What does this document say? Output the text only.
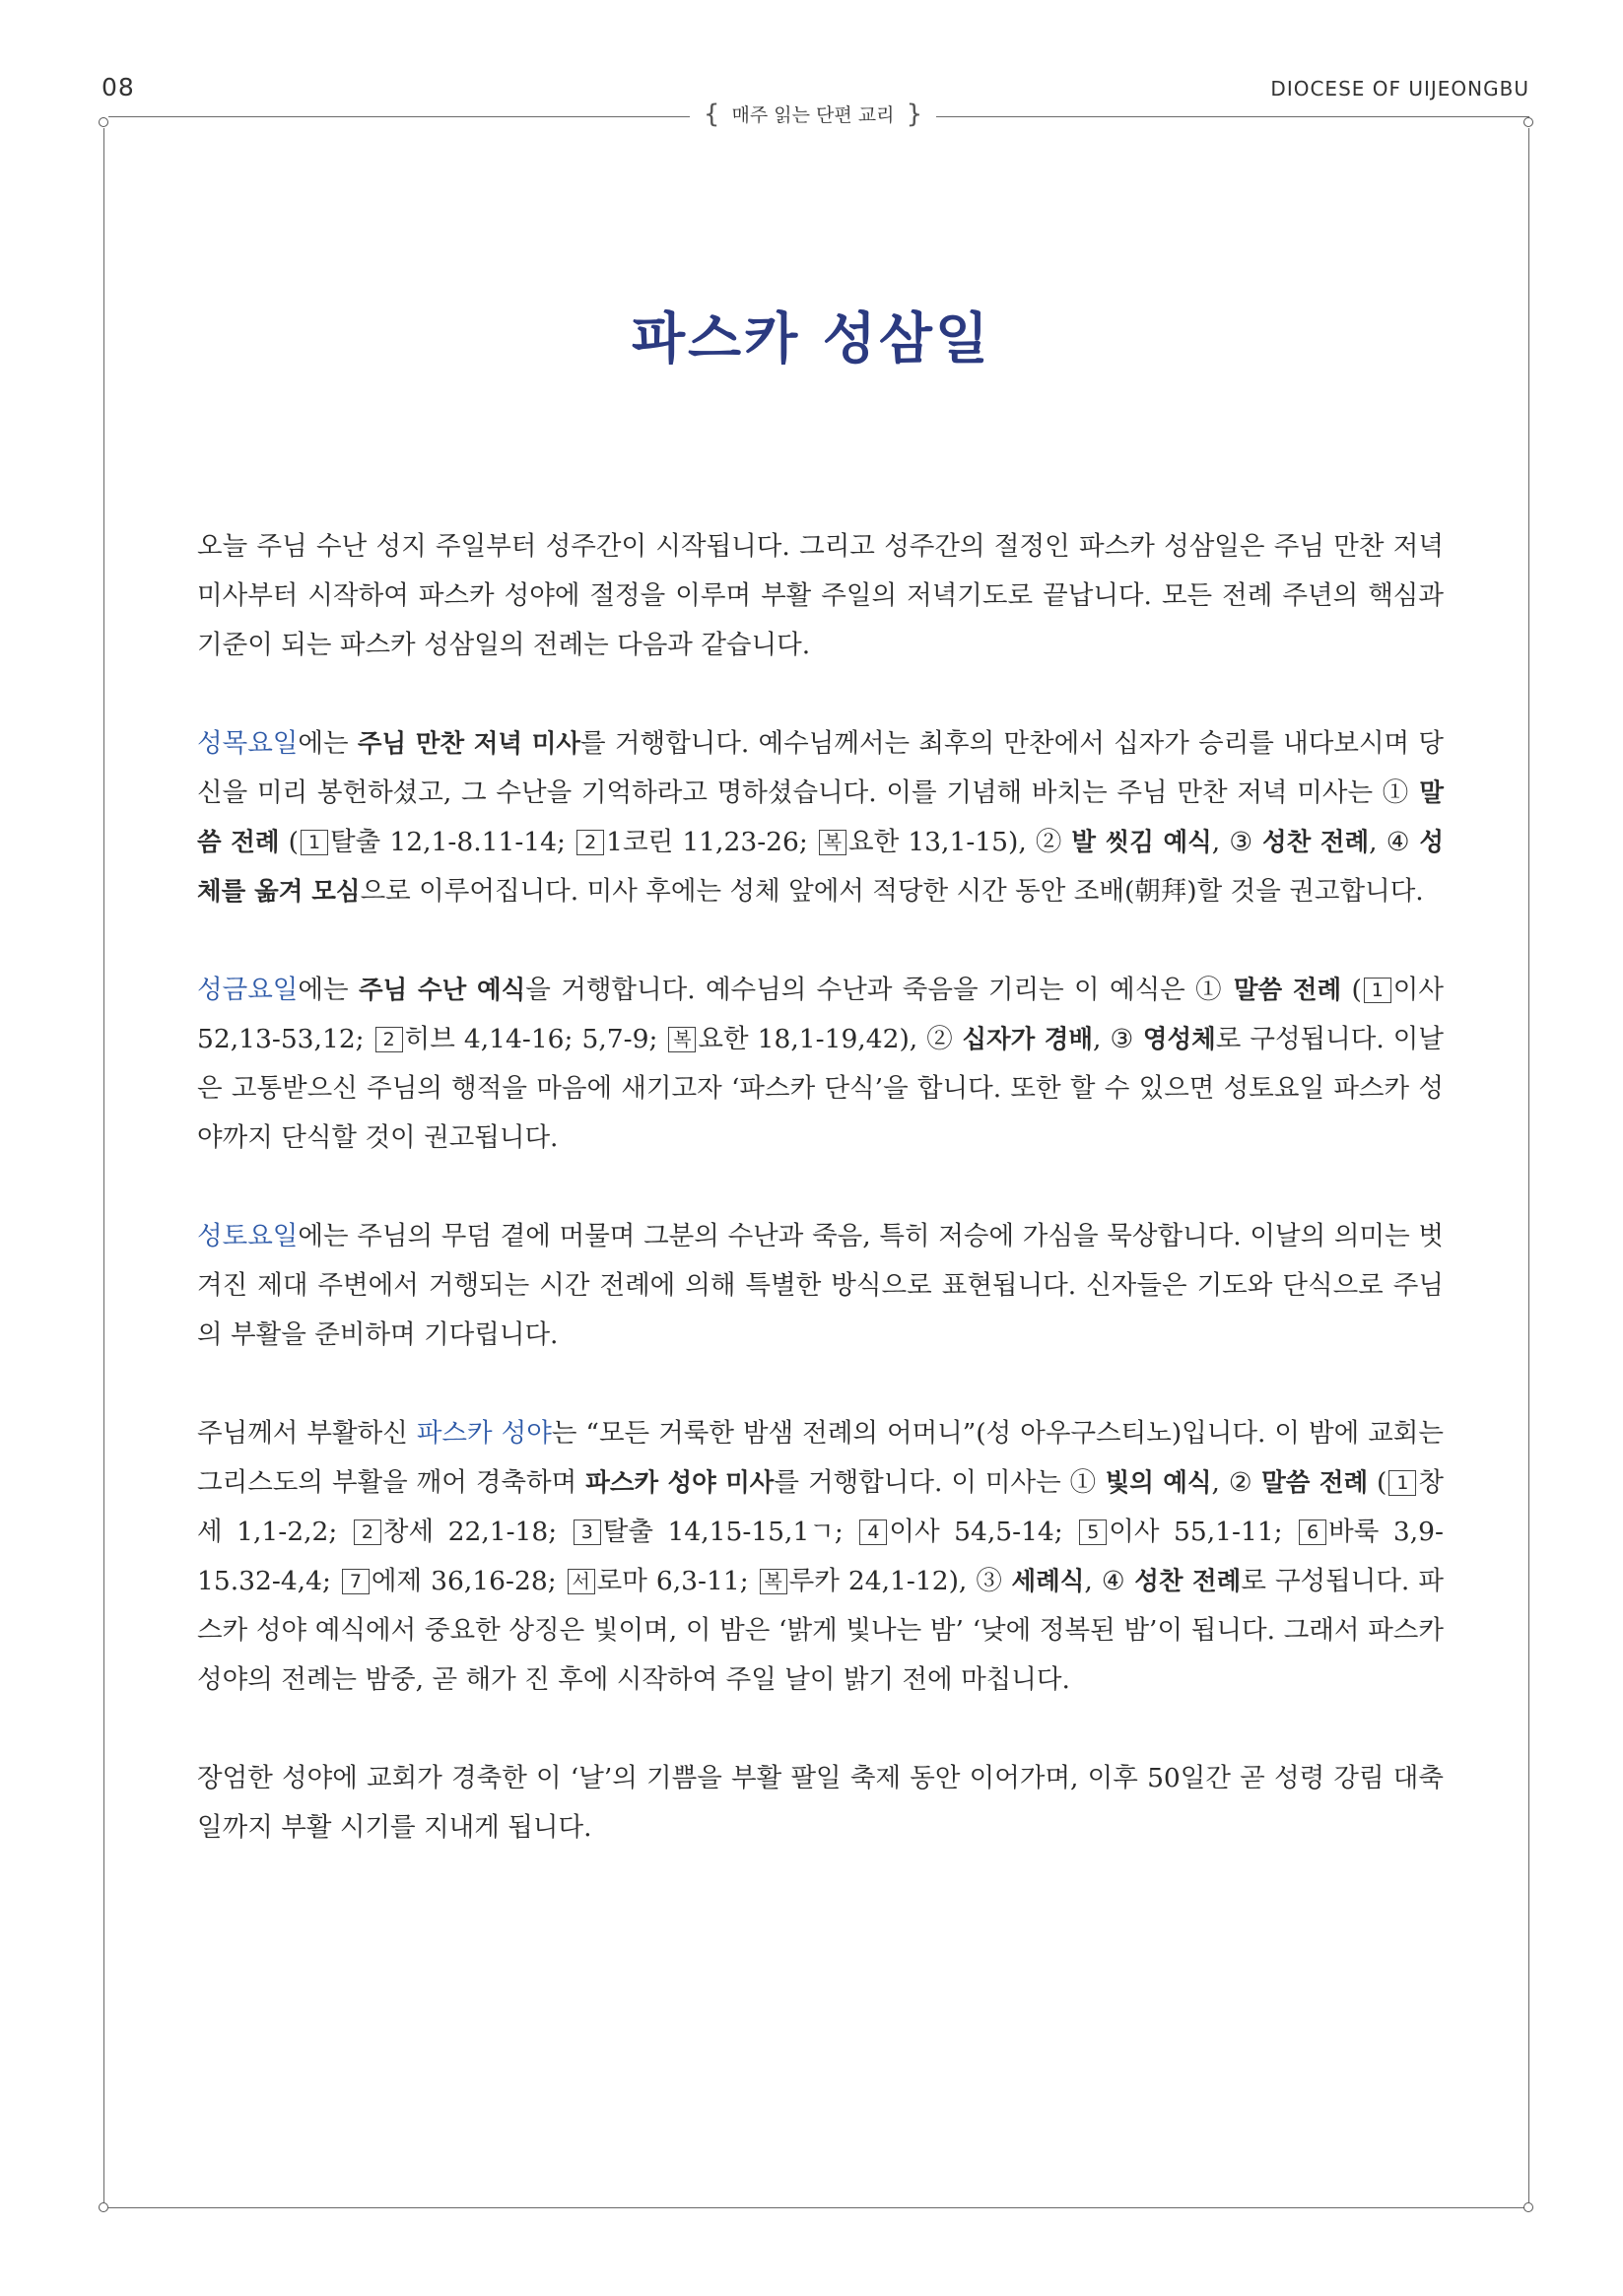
08	DIOCESE OF UIJEONGBU
{ 매주 읽는 단편 교리 }
파스카 성삼일

오늘 주님 수난 성지 주일부터 성주간이 시작됩니다. 그리고 성주간의 절정인 파스카 성삼일은 주님 만찬 저녁 미사부터 시작하여 파스카 성야에 절정을 이루며 부활 주일의 저녁기도로 끝납니다. 모든 전례 주년의 핵심과 기준이 되는 파스카 성삼일의 전례는 다음과 같습니다.

성목요일에는 주님 만찬 저녁 미사를 거행합니다. 예수님께서는 최후의 만찬에서 십자가 승리를 내다보시며 당신을 미리 봉헌하셨고, 그 수난을 기억하라고 명하셨습니다. 이를 기념해 바치는 주님 만찬 저녁 미사는 ① 말씀 전례 ( 1 탈출 12,1-8.11-14; 2 1코린 11,23-26; 복 요한 13,1-15), ② 발 씻김 예식, ③ 성찬 전례, ④ 성체를 옮겨 모심으로 이루어집니다. 미사 후에는 성체 앞에서 적당한 시간 동안 조배(朝拜)할 것을 권고합니다.

성금요일에는 주님 수난 예식을 거행합니다. 예수님의 수난과 죽음을 기리는 이 예식은 ① 말씀 전례 ( 1 이사 52,13-53,12; 2 히브 4,14-16; 5,7-9; 복 요한 18,1-19,42), ② 십자가 경배, ③ 영성체로 구성됩니다. 이날은 고통받으신 주님의 행적을 마음에 새기고자 ‘파스카 단식’을 합니다. 또한 할 수 있으면 성토요일 파스카 성야까지 단식할 것이 권고됩니다.

성토요일에는 주님의 무덤 곁에 머물며 그분의 수난과 죽음, 특히 저승에 가심을 묵상합니다. 이날의 의미는 벗겨진 제대 주변에서 거행되는 시간 전례에 의해 특별한 방식으로 표현됩니다. 신자들은 기도와 단식으로 주님의 부활을 준비하며 기다립니다.

주님께서 부활하신 파스카 성야는 “모든 거룩한 밤샘 전례의 어머니”(성 아우구스티노)입니다. 이 밤에 교회는 그리스도의 부활을 깨어 경축하며 파스카 성야 미사를 거행합니다. 이 미사는 ① 빛의 예식, ② 말씀 전례 ( 1 창세 1,1-2,2; 2 창세 22,1-18; 3 탈출 14,15-15,1ㄱ; 4 이사 54,5-14; 5 이사 55,1-11; 6 바룩 3,9-15.32-4,4; 7 에제 36,16-28; 서 로마 6,3-11; 복 루카 24,1-12), ③ 세례식, ④ 성찬 전례로 구성됩니다. 파스카 성야 예식에서 중요한 상징은 빛이며, 이 밤은 ‘밝게 빛나는 밤’ ‘낮에 정복된 밤’이 됩니다. 그래서 파스카 성야의 전례는 밤중, 곧 해가 진 후에 시작하여 주일 날이 밝기 전에 마칩니다.

장엄한 성야에 교회가 경축한 이 ‘날’의 기쁨을 부활 팔일 축제 동안 이어가며, 이후 50일간 곧 성령 강림 대축일까지 부활 시기를 지내게 됩니다.
